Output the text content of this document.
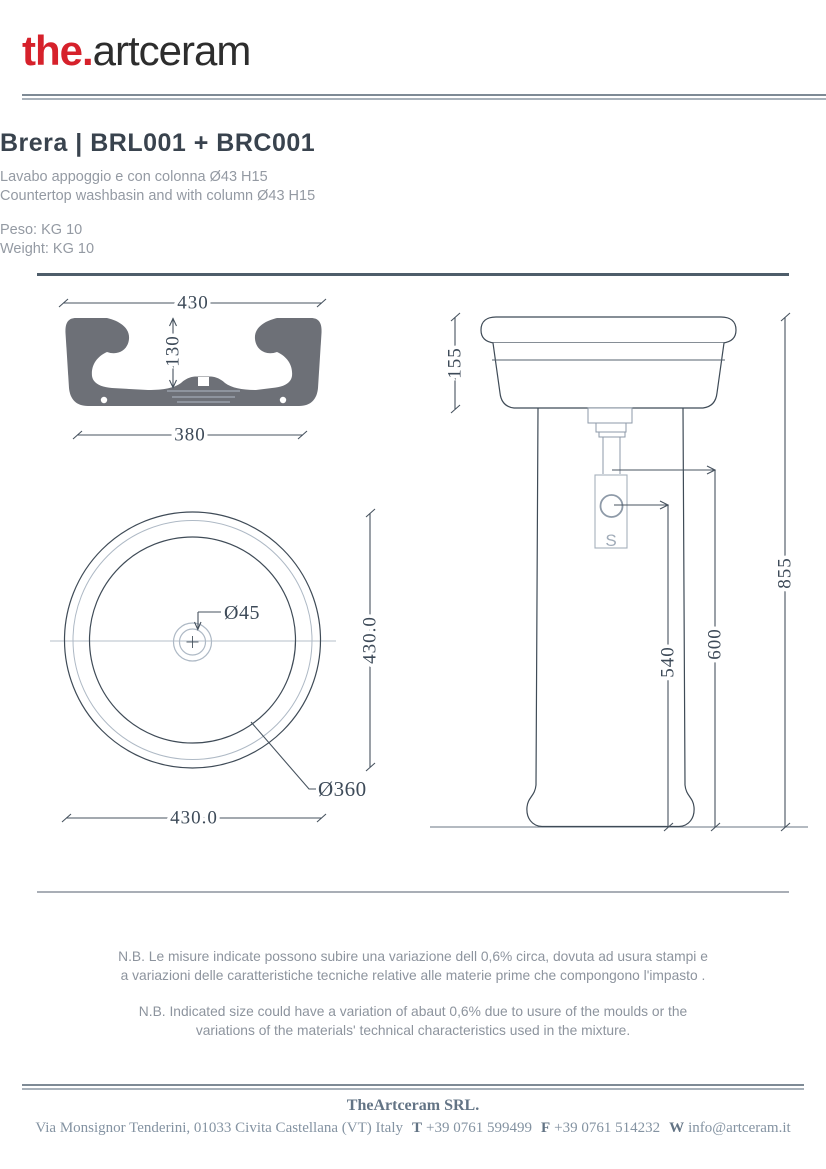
the.artceram
Brera | BRL001 + BRC001
Lavabo appoggio e con colonna Ø43 H15
Countertop washbasin and with column Ø43 H15
Peso: KG 10
Weight: KG 10
430
130
380
Ø45
Ø360
430.0
430.0
S
155
855
600
540
N.B. Le misure indicate possono subire una variazione dell 0,6% circa, dovuta ad usura stampi e
a variazioni delle caratteristiche tecniche relative alle materie prime che compongono l'impasto .
N.B. Indicated size could have a variation of abaut 0,6% due to usure of the moulds or the
variations of the materials' technical characteristics used in the mixture.
TheArtceram SRL.
Via Monsignor Tenderini, 01033 Civita Castellana (VT) Italy T +39 0761 599499 F +39 0761 514232 W info@artceram.it
